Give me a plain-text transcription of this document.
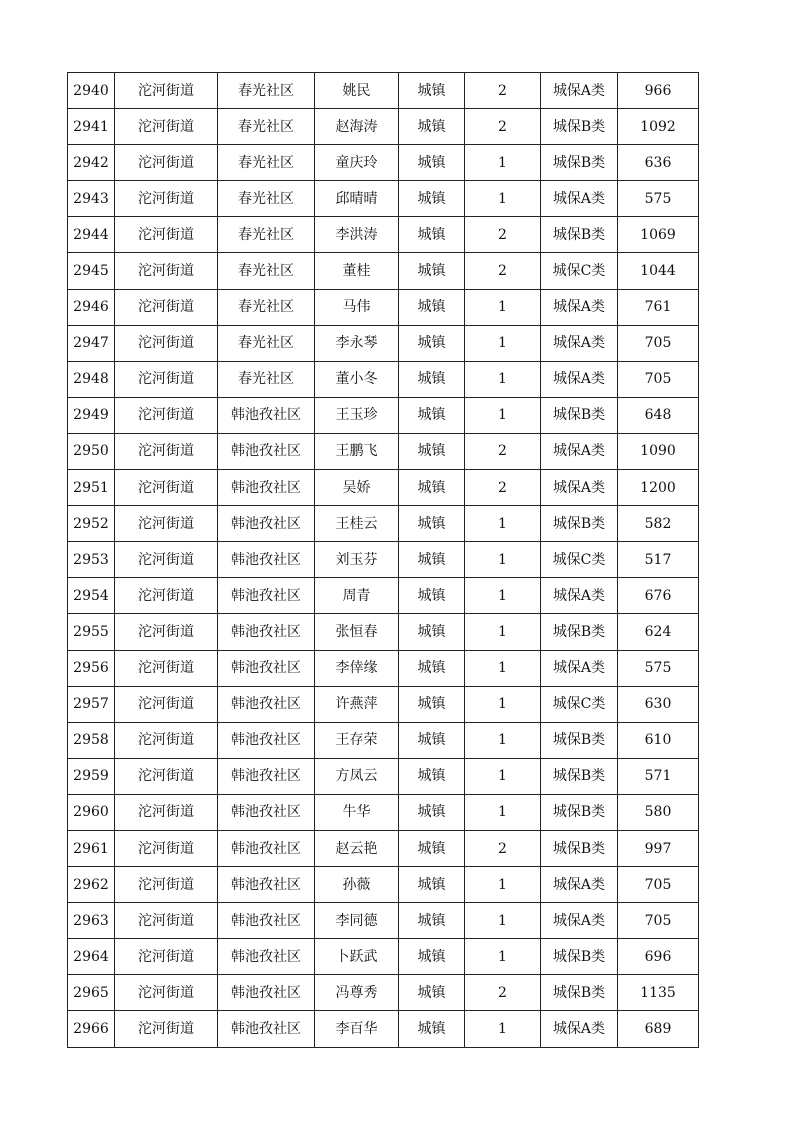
2940	沱河街道	春光社区	姚民	城镇	2	城保A类	966
2941	沱河街道	春光社区	赵海涛	城镇	2	城保B类	1092
2942	沱河街道	春光社区	童庆玲	城镇	1	城保B类	636
2943	沱河街道	春光社区	邱晴晴	城镇	1	城保A类	575
2944	沱河街道	春光社区	李洪涛	城镇	2	城保B类	1069
2945	沱河街道	春光社区	董桂	城镇	2	城保C类	1044
2946	沱河街道	春光社区	马伟	城镇	1	城保A类	761
2947	沱河街道	春光社区	李永琴	城镇	1	城保A类	705
2948	沱河街道	春光社区	董小冬	城镇	1	城保A类	705
2949	沱河街道	韩池孜社区	王玉珍	城镇	1	城保B类	648
2950	沱河街道	韩池孜社区	王鹏飞	城镇	2	城保A类	1090
2951	沱河街道	韩池孜社区	吴娇	城镇	2	城保A类	1200
2952	沱河街道	韩池孜社区	王桂云	城镇	1	城保B类	582
2953	沱河街道	韩池孜社区	刘玉芬	城镇	1	城保C类	517
2954	沱河街道	韩池孜社区	周青	城镇	1	城保A类	676
2955	沱河街道	韩池孜社区	张恒春	城镇	1	城保B类	624
2956	沱河街道	韩池孜社区	李倖缘	城镇	1	城保A类	575
2957	沱河街道	韩池孜社区	许燕萍	城镇	1	城保C类	630
2958	沱河街道	韩池孜社区	王存荣	城镇	1	城保B类	610
2959	沱河街道	韩池孜社区	方凤云	城镇	1	城保B类	571
2960	沱河街道	韩池孜社区	牛华	城镇	1	城保B类	580
2961	沱河街道	韩池孜社区	赵云艳	城镇	2	城保B类	997
2962	沱河街道	韩池孜社区	孙薇	城镇	1	城保A类	705
2963	沱河街道	韩池孜社区	李同德	城镇	1	城保A类	705
2964	沱河街道	韩池孜社区	卜跃武	城镇	1	城保B类	696
2965	沱河街道	韩池孜社区	冯尊秀	城镇	2	城保B类	1135
2966	沱河街道	韩池孜社区	李百华	城镇	1	城保A类	689
